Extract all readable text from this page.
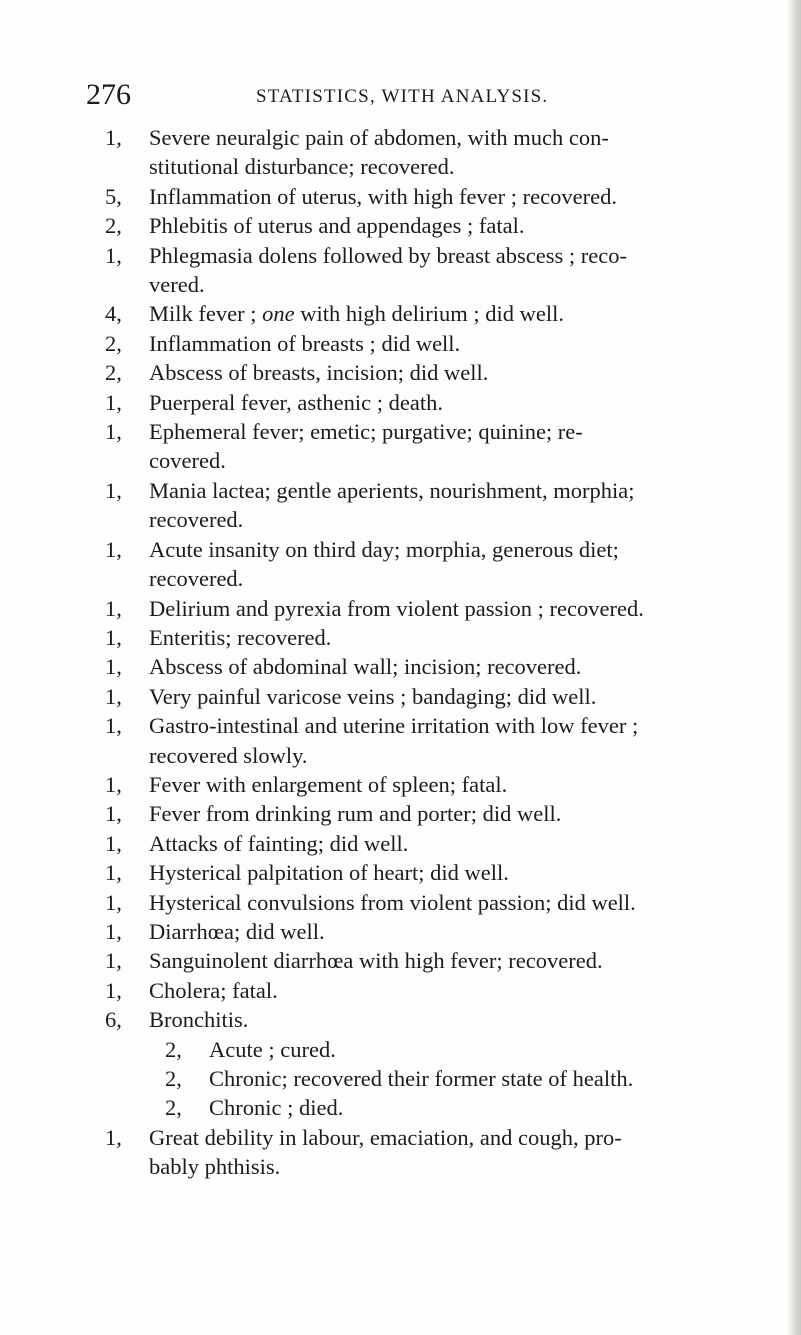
276	STATISTICS, WITH ANALYSIS.
1, Severe neuralgic pain of abdomen, with much con-
stitutional disturbance; recovered.
5, Inflammation of uterus, with high fever ; recovered.
2, Phlebitis of uterus and appendages ; fatal.
1, Phlegmasia dolens followed by breast abscess ; reco-
vered.
4, Milk fever ; one with high delirium ; did well.
2, Inflammation of breasts ; did well.
2, Abscess of breasts, incision; did well.
1, Puerperal fever, asthenic ; death.
1, Ephemeral fever; emetic; purgative; quinine; re-
covered.
1, Mania lactea; gentle aperients, nourishment, morphia;
recovered.
1, Acute insanity on third day; morphia, generous diet;
recovered.
1, Delirium and pyrexia from violent passion ; recovered.
1, Enteritis; recovered.
1, Abscess of abdominal wall; incision; recovered.
1, Very painful varicose veins ; bandaging; did well.
1, Gastro-intestinal and uterine irritation with low fever ;
recovered slowly.
1, Fever with enlargement of spleen; fatal.
1, Fever from drinking rum and porter; did well.
1, Attacks of fainting; did well.
1, Hysterical palpitation of heart; did well.
1, Hysterical convulsions from violent passion; did well.
1, Diarrhœa; did well.
1, Sanguinolent diarrhœa with high fever; recovered.
1, Cholera; fatal.
6, Bronchitis.
2, Acute ; cured.
2, Chronic; recovered their former state of health.
2, Chronic ; died.
1, Great debility in labour, emaciation, and cough, pro-
bably phthisis.
